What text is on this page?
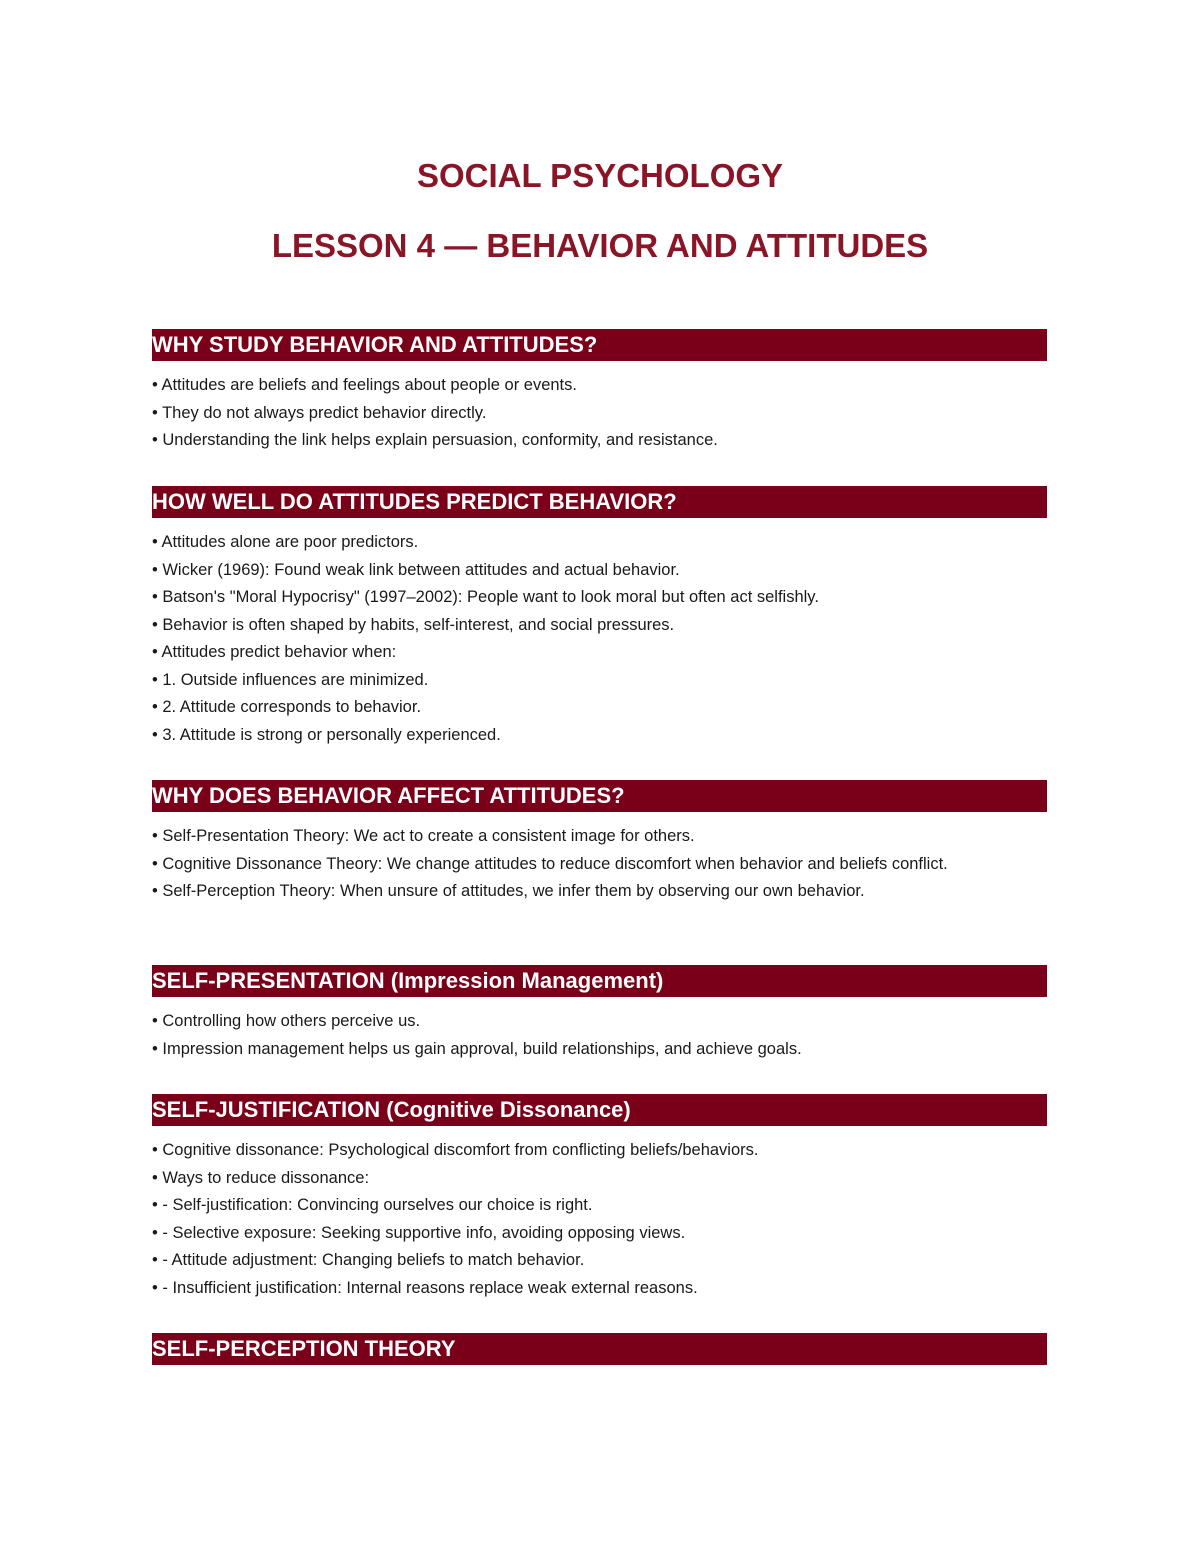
SOCIAL PSYCHOLOGY
LESSON 4 — BEHAVIOR AND ATTITUDES
WHY STUDY BEHAVIOR AND ATTITUDES?
• Attitudes are beliefs and feelings about people or events.
• They do not always predict behavior directly.
• Understanding the link helps explain persuasion, conformity, and resistance.
HOW WELL DO ATTITUDES PREDICT BEHAVIOR?
• Attitudes alone are poor predictors.
• Wicker (1969): Found weak link between attitudes and actual behavior.
• Batson's "Moral Hypocrisy" (1997–2002): People want to look moral but often act selfishly.
• Behavior is often shaped by habits, self-interest, and social pressures.
• Attitudes predict behavior when:
• 1. Outside influences are minimized.
• 2. Attitude corresponds to behavior.
• 3. Attitude is strong or personally experienced.
WHY DOES BEHAVIOR AFFECT ATTITUDES?
• Self-Presentation Theory: We act to create a consistent image for others.
• Cognitive Dissonance Theory: We change attitudes to reduce discomfort when behavior and beliefs conflict.
• Self-Perception Theory: When unsure of attitudes, we infer them by observing our own behavior.
SELF-PRESENTATION (Impression Management)
• Controlling how others perceive us.
• Impression management helps us gain approval, build relationships, and achieve goals.
SELF-JUSTIFICATION (Cognitive Dissonance)
• Cognitive dissonance: Psychological discomfort from conflicting beliefs/behaviors.
• Ways to reduce dissonance:
• - Self-justification: Convincing ourselves our choice is right.
• - Selective exposure: Seeking supportive info, avoiding opposing views.
• - Attitude adjustment: Changing beliefs to match behavior.
• - Insufficient justification: Internal reasons replace weak external reasons.
SELF-PERCEPTION THEORY
